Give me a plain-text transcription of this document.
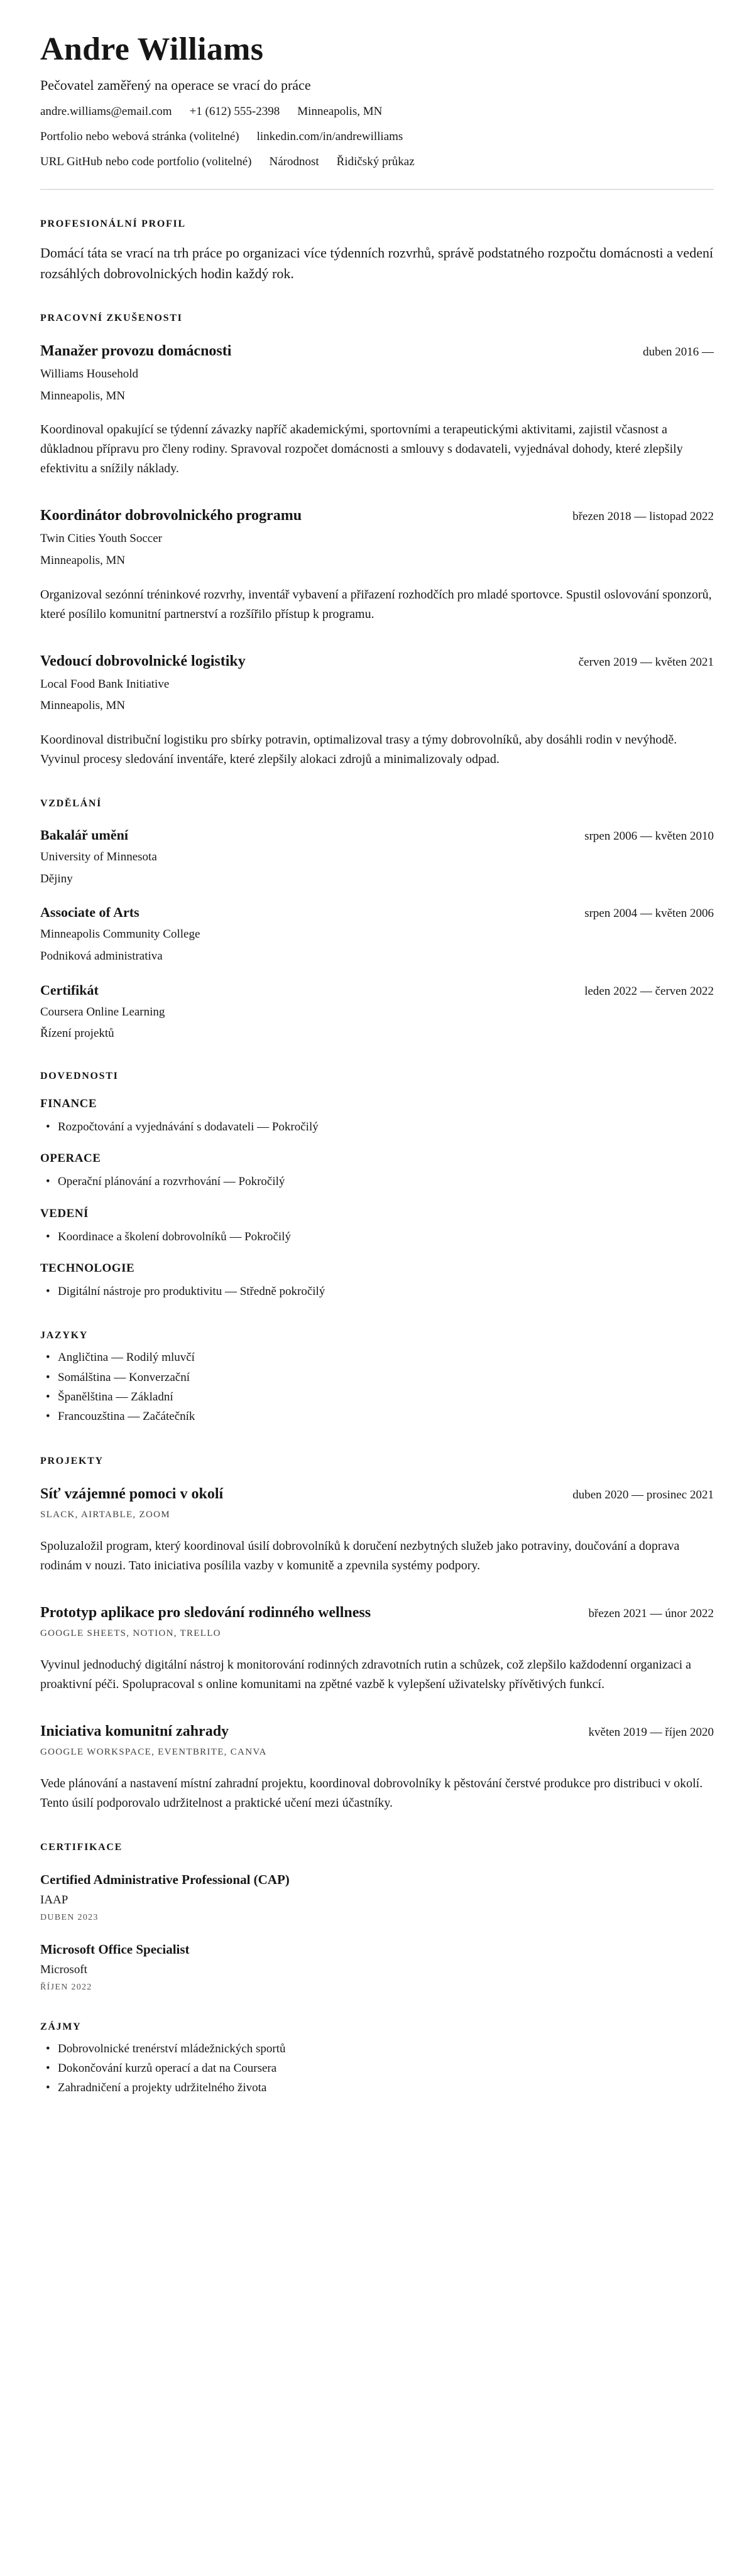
Andre Williams

Pečovatel zaměřený na operace se vrací do práce

andre.williams@email.com +1 (612) 555-2398 Minneapolis, MN
Portfolio nebo webová stránka (volitelné) linkedin.com/in/andrewilliams
URL GitHub nebo code portfolio (volitelné) Národnost Řidičský průkaz
PROFESIONÁLNÍ PROFIL

Domácí táta se vrací na trh práce po organizaci více týdenních rozvrhů, správě podstatného rozpočtu domácnosti a vedení rozsáhlých dobrovolnických hodin každý rok.

PRACOVNÍ ZKUŠENOSTI
Manažer provozu domácnosti	duben 2016 —

Williams Household

Minneapolis, MN

Koordinoval opakující se týdenní závazky napříč akademickými, sportovními a terapeutickými aktivitami, zajistil včasnost a důkladnou přípravu pro členy rodiny. Spravoval rozpočet domácnosti a smlouvy s dodavateli, vyjednával dohody, které zlepšily efektivitu a snížily náklady.

Koordinátor dobrovolnického programu	březen 2018 — listopad 2022

Twin Cities Youth Soccer

Minneapolis, MN

Organizoval sezónní tréninkové rozvrhy, inventář vybavení a přiřazení rozhodčích pro mladé sportovce. Spustil oslovování sponzorů, které posílilo komunitní partnerství a rozšířilo přístup k programu.

Vedoucí dobrovolnické logistiky	červen 2019 — květen 2021

Local Food Bank Initiative

Minneapolis, MN

Koordinoval distribuční logistiku pro sbírky potravin, optimalizoval trasy a týmy dobrovolníků, aby dosáhli rodin v nevýhodě. Vyvinul procesy sledování inventáře, které zlepšily alokaci zdrojů a minimalizovaly odpad.

VZDĚLÁNÍ
Bakalář umění	srpen 2006 — květen 2010

University of Minnesota

Dějiny

Associate of Arts	srpen 2004 — květen 2006

Minneapolis Community College

Podniková administrativa

Certifikát	leden 2022 — červen 2022

Coursera Online Learning

Řízení projektů

DOVEDNOSTI
FINANCE
• Rozpočtování a vyjednávání s dodavateli — Pokročilý
OPERACE
• Operační plánování a rozvrhování — Pokročilý
VEDENÍ
• Koordinace a školení dobrovolníků — Pokročilý
TECHNOLOGIE
• Digitální nástroje pro produktivitu — Středně pokročilý
JAZYKY
• Angličtina — Rodilý mluvčí
• Somálština — Konverzační
• Španělština — Základní
• Francouzština — Začátečník
PROJEKTY
Síť vzájemné pomoci v okolí	duben 2020 — prosinec 2021

SLACK, AIRTABLE, ZOOM

Spoluzaložil program, který koordinoval úsilí dobrovolníků k doručení nezbytných služeb jako potraviny, doučování a doprava rodinám v nouzi. Tato iniciativa posílila vazby v komunitě a zpevnila systémy podpory.

Prototyp aplikace pro sledování rodinného wellness	březen 2021 — únor 2022

GOOGLE SHEETS, NOTION, TRELLO

Vyvinul jednoduchý digitální nástroj k monitorování rodinných zdravotních rutin a schůzek, což zlepšilo každodenní organizaci a proaktivní péči. Spolupracoval s online komunitami na zpětné vazbě k vylepšení uživatelsky přívětivých funkcí.

Iniciativa komunitní zahrady	květen 2019 — říjen 2020

GOOGLE WORKSPACE, EVENTBRITE, CANVA

Vede plánování a nastavení místní zahradní projektu, koordinoval dobrovolníky k pěstování čerstvé produkce pro distribuci v okolí. Tento úsilí podporovalo udržitelnost a praktické učení mezi účastníky.

CERTIFIKACE
Certified Administrative Professional (CAP)

IAAP

DUBEN 2023

Microsoft Office Specialist

Microsoft

ŘÍJEN 2022

ZÁJMY
• Dobrovolnické trenérství mládežnických sportů
• Dokončování kurzů operací a dat na Coursera
• Zahradničení a projekty udržitelného života
